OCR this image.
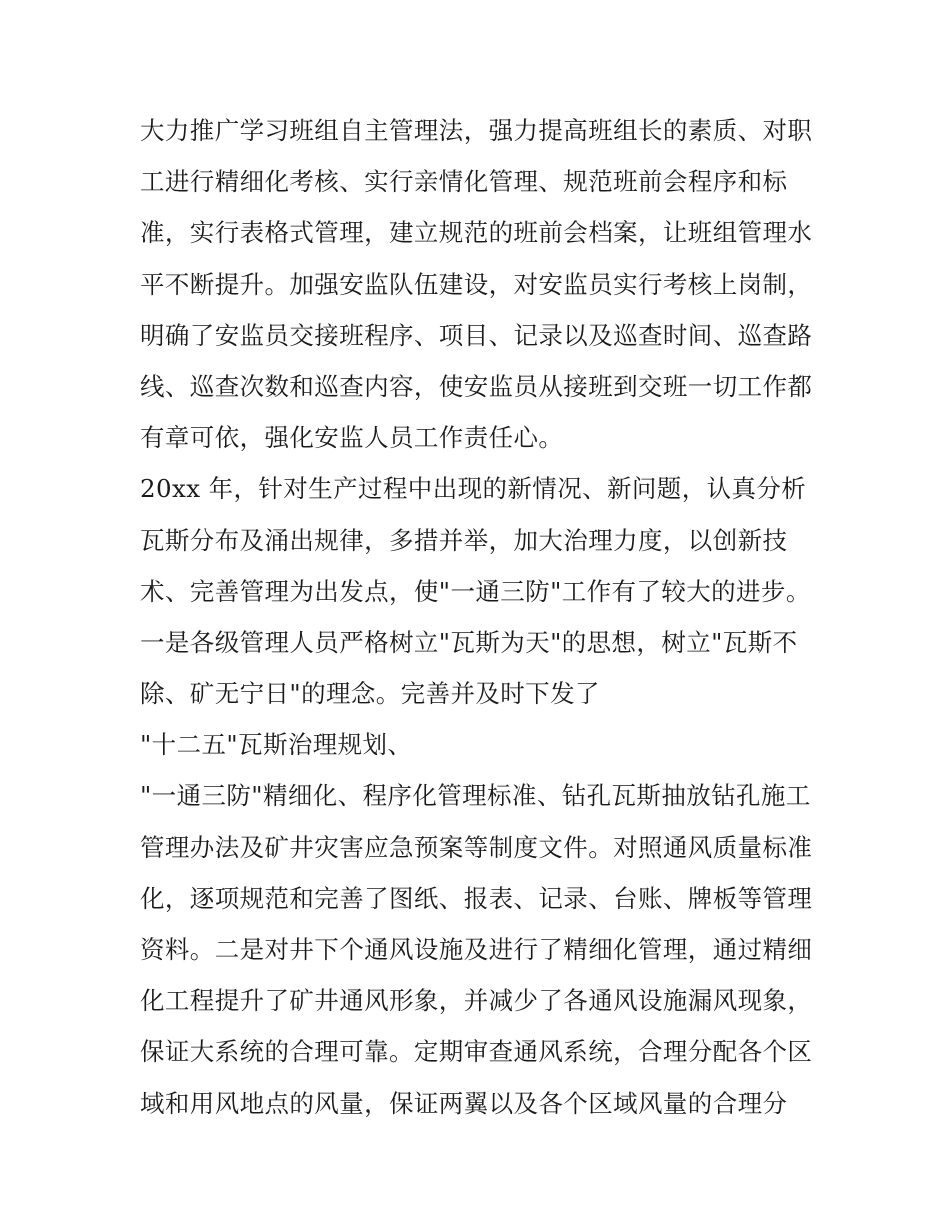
大力推广学习班组自主管理法，强力提高班组长的素质、对职
工进行精细化考核、实行亲情化管理、规范班前会程序和标
准，实行表格式管理，建立规范的班前会档案，让班组管理水
平不断提升。加强安监队伍建设，对安监员实行考核上岗制，
明确了安监员交接班程序、项目、记录以及巡查时间、巡查路
线、巡查次数和巡查内容，使安监员从接班到交班一切工作都
有章可依，强化安监人员工作责任心。
20xx 年，针对生产过程中出现的新情况、新问题，认真分析
瓦斯分布及涌出规律，多措并举，加大治理力度，以创新技
术、完善管理为出发点，使"一通三防"工作有了较大的进步。
一是各级管理人员严格树立"瓦斯为天"的思想，树立"瓦斯不
除、矿无宁日"的理念。完善并及时下发了
"十二五"瓦斯治理规划、
"一通三防"精细化、程序化管理标准、钻孔瓦斯抽放钻孔施工
管理办法及矿井灾害应急预案等制度文件。对照通风质量标准
化，逐项规范和完善了图纸、报表、记录、台账、牌板等管理
资料。二是对井下个通风设施及进行了精细化管理，通过精细
化工程提升了矿井通风形象，并减少了各通风设施漏风现象，
保证大系统的合理可靠。定期审查通风系统，合理分配各个区
域和用风地点的风量，保证两翼以及各个区域风量的合理分
